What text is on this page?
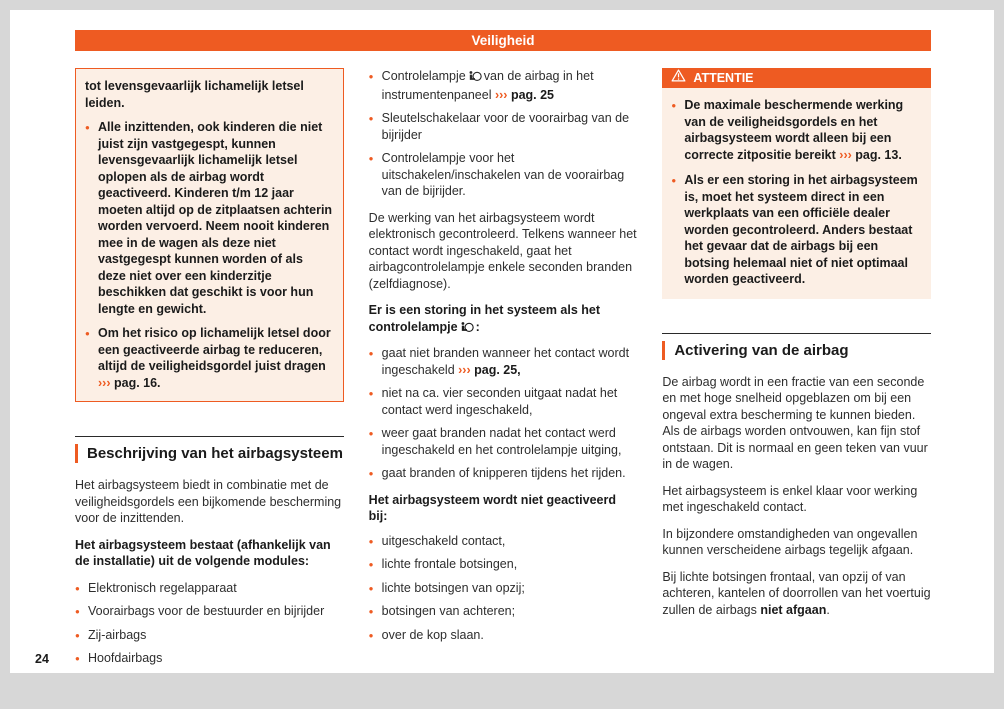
Veiligheid

tot levensgevaarlijk lichamelijk letsel leiden.

● Alle inzittenden, ook kinderen die niet juist zijn vastgegespt, kunnen levensgevaarlijk lichamelijk letsel oplopen als de airbag wordt geactiveerd. Kinderen t/m 12 jaar moeten altijd op de zitplaatsen achterin worden vervoerd. Neem nooit kinderen mee in de wagen als deze niet vastgegespt kunnen worden of als deze niet over een kinderzitje beschikken dat geschikt is voor hun lengte en gewicht.

● Om het risico op lichamelijk letsel door een geactiveerde airbag te reduceren, altijd de veiligheidsgordel juist dragen ››› pag. 16.

Beschrijving van het airbagsysteem

Het airbagsysteem biedt in combinatie met de veiligheidsgordels een bijkomende bescherming voor de inzittenden.

Het airbagsysteem bestaat (afhankelijk van de installatie) uit de volgende modules:

● Elektronisch regelapparaat
● Voorairbags voor de bestuurder en bijrijder
● Zij-airbags
● Hoofdairbags
● Controlelampje van de airbag in het instrumentenpaneel ››› pag. 25
● Sleutelschakelaar voor de voorairbag van de bijrijder
● Controlelampje voor het uitschakelen/inschakelen van de voorairbag van de bijrijder.

De werking van het airbagsysteem wordt elektronisch gecontroleerd. Telkens wanneer het contact wordt ingeschakeld, gaat het airbagcontrolelampje enkele seconden branden (zelfdiagnose).

Er is een storing in het systeem als het controlelampje :

● gaat niet branden wanneer het contact wordt ingeschakeld ››› pag. 25,
● niet na ca. vier seconden uitgaat nadat het contact werd ingeschakeld,
● weer gaat branden nadat het contact werd ingeschakeld en het controlelampje uitging,
● gaat branden of knipperen tijdens het rijden.

Het airbagsysteem wordt niet geactiveerd bij:

● uitgeschakeld contact,
● lichte frontale botsingen,
● lichte botsingen van opzij;
● botsingen van achteren;
● over de kop slaan.
ATTENTIE

● De maximale beschermende werking van de veiligheidsgordels en het airbagsysteem wordt alleen bij een correcte zitpositie bereikt ››› pag. 13.

● Als er een storing in het airbagsysteem is, moet het systeem direct in een werkplaats van een officiële dealer worden gecontroleerd. Anders bestaat het gevaar dat de airbags bij een botsing helemaal niet of niet optimaal worden geactiveerd.

Activering van de airbag

De airbag wordt in een fractie van een seconde en met hoge snelheid opgeblazen om bij een ongeval extra bescherming te kunnen bieden. Als de airbags worden ontvouwen, kan fijn stof ontstaan. Dit is normaal en geen teken van vuur in de wagen.

Het airbagsysteem is enkel klaar voor werking met ingeschakeld contact.

In bijzondere omstandigheden van ongevallen kunnen verscheidene airbags tegelijk afgaan.

Bij lichte botsingen frontaal, van opzij of van achteren, kantelen of doorrollen van het voertuig zullen de airbags niet afgaan.

24
